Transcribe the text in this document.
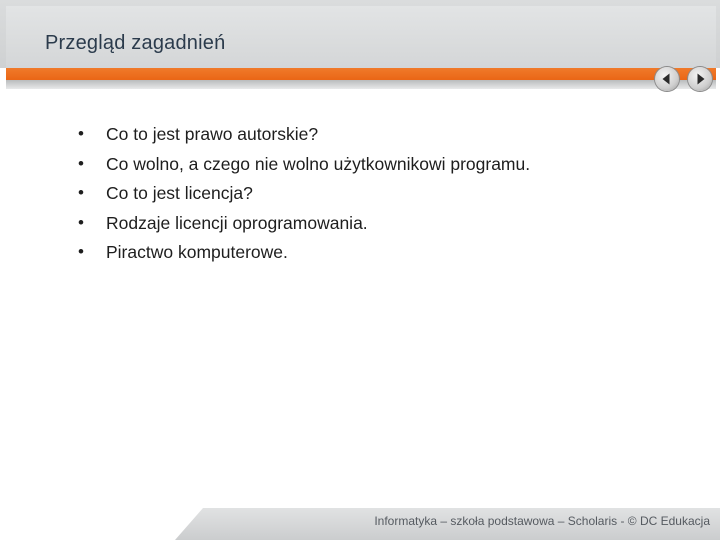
Przegląd zagadnień
• Co to jest prawo autorskie?
• Co wolno, a czego nie wolno użytkownikowi programu.
• Co to jest licencja?
• Rodzaje licencji oprogramowania.
• Piractwo komputerowe.
Informatyka – szkoła podstawowa – Scholaris - © DC Edukacja
